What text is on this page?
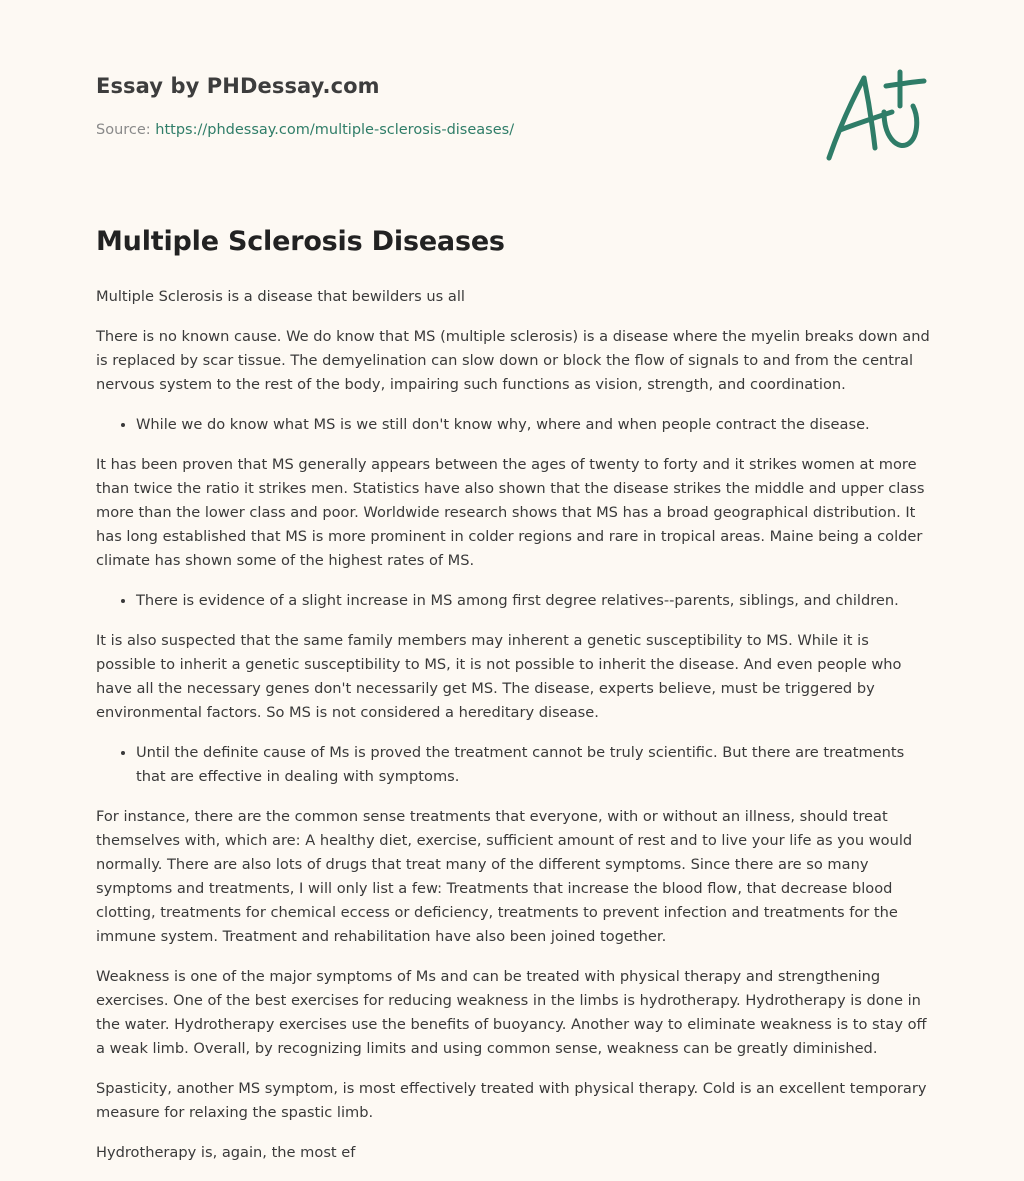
Essay by PHDessay.com
Source: https://phdessay.com/multiple-sclerosis-diseases/
Multiple Sclerosis Diseases

Multiple Sclerosis is a disease that bewilders us all

There is no known cause. We do know that MS (multiple sclerosis) is a disease where the myelin breaks down and is replaced by scar tissue. The demyelination can slow down or block the flow of signals to and from the central nervous system to the rest of the body, impairing such functions as vision, strength, and coordination.

• While we do know what MS is we still don't know why, where and when people contract the disease.

It has been proven that MS generally appears between the ages of twenty to forty and it strikes women at more than twice the ratio it strikes men. Statistics have also shown that the disease strikes the middle and upper class more than the lower class and poor. Worldwide research shows that MS has a broad geographical distribution. It has long established that MS is more prominent in colder regions and rare in tropical areas. Maine being a colder climate has shown some of the highest rates of MS.

• There is evidence of a slight increase in MS among first degree relatives--parents, siblings, and children.

It is also suspected that the same family members may inherent a genetic susceptibility to MS. While it is possible to inherit a genetic susceptibility to MS, it is not possible to inherit the disease. And even people who have all the necessary genes don't necessarily get MS. The disease, experts believe, must be triggered by environmental factors. So MS is not considered a hereditary disease.

• Until the definite cause of Ms is proved the treatment cannot be truly scientific. But there are treatments that are effective in dealing with symptoms.

For instance, there are the common sense treatments that everyone, with or without an illness, should treat themselves with, which are: A healthy diet, exercise, sufficient amount of rest and to live your life as you would normally. There are also lots of drugs that treat many of the different symptoms. Since there are so many symptoms and treatments, I will only list a few: Treatments that increase the blood flow, that decrease blood clotting, treatments for chemical eccess or deficiency, treatments to prevent infection and treatments for the immune system. Treatment and rehabilitation have also been joined together.

Weakness is one of the major symptoms of Ms and can be treated with physical therapy and strengthening exercises. One of the best exercises for reducing weakness in the limbs is hydrotherapy. Hydrotherapy is done in the water. Hydrotherapy exercises use the benefits of buoyancy. Another way to eliminate weakness is to stay off a weak limb. Overall, by recognizing limits and using common sense, weakness can be greatly diminished.

Spasticity, another MS symptom, is most effectively treated with physical therapy. Cold is an excellent temporary measure for relaxing the spastic limb.

Hydrotherapy is, again, the most ef
